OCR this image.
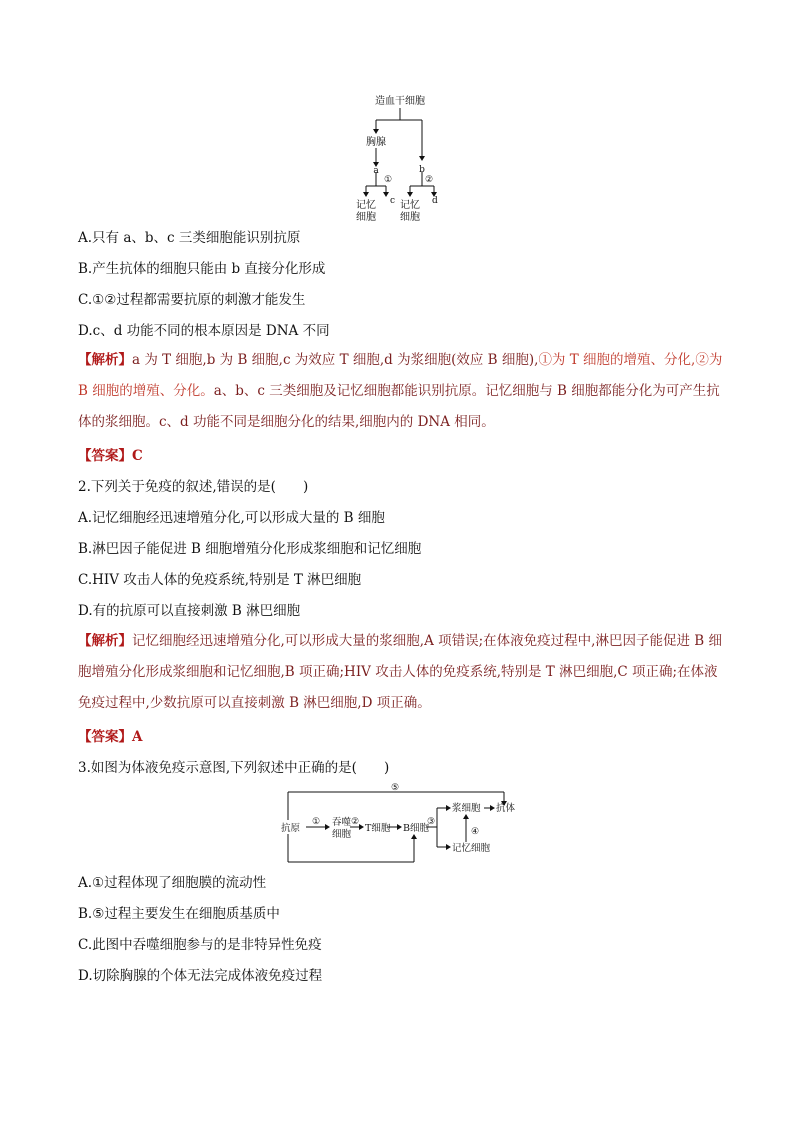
造血干细胞
胸腺
a	b
①	②
c	d
记忆
细胞
记忆
细胞
A.只有 a、b、c 三类细胞能识别抗原
B.产生抗体的细胞只能由 b 直接分化形成
C.①②过程都需要抗原的刺激才能发生
D.c、d 功能不同的根本原因是 DNA 不同
【解析】a 为 T 细胞,b 为 B 细胞,c 为效应 T 细胞,d 为浆细胞(效应 B 细胞),①为 T 细胞的增殖、分化,②为 B 细胞的增殖、分化。a、b、c 三类细胞及记忆细胞都能识别抗原。记忆细胞与 B 细胞都能分化为可产生抗体的浆细胞。c、d 功能不同是细胞分化的结果,细胞内的 DNA 相同。
【答案】C
2.下列关于免疫的叙述,错误的是(　　)
A.记忆细胞经迅速增殖分化,可以形成大量的 B 细胞
B.淋巴因子能促进 B 细胞增殖分化形成浆细胞和记忆细胞
C.HIV 攻击人体的免疫系统,特别是 T 淋巴细胞
D.有的抗原可以直接刺激 B 淋巴细胞
【解析】记忆细胞经迅速增殖分化,可以形成大量的浆细胞,A 项错误;在体液免疫过程中,淋巴因子能促进 B 细胞增殖分化形成浆细胞和记忆细胞,B 项正确;HIV 攻击人体的免疫系统,特别是 T 淋巴细胞,C 项正确;在体液免疫过程中,少数抗原可以直接刺激 B 淋巴细胞,D 项正确。
【答案】A
3.如图为体液免疫示意图,下列叙述中正确的是(　　)
⑤
抗原
① 吞噬
细胞
②
T细胞 B细胞
③
浆细胞 抗体
④
记忆细胞
A.①过程体现了细胞膜的流动性
B.⑤过程主要发生在细胞质基质中
C.此图中吞噬细胞参与的是非特异性免疫
D.切除胸腺的个体无法完成体液免疫过程
